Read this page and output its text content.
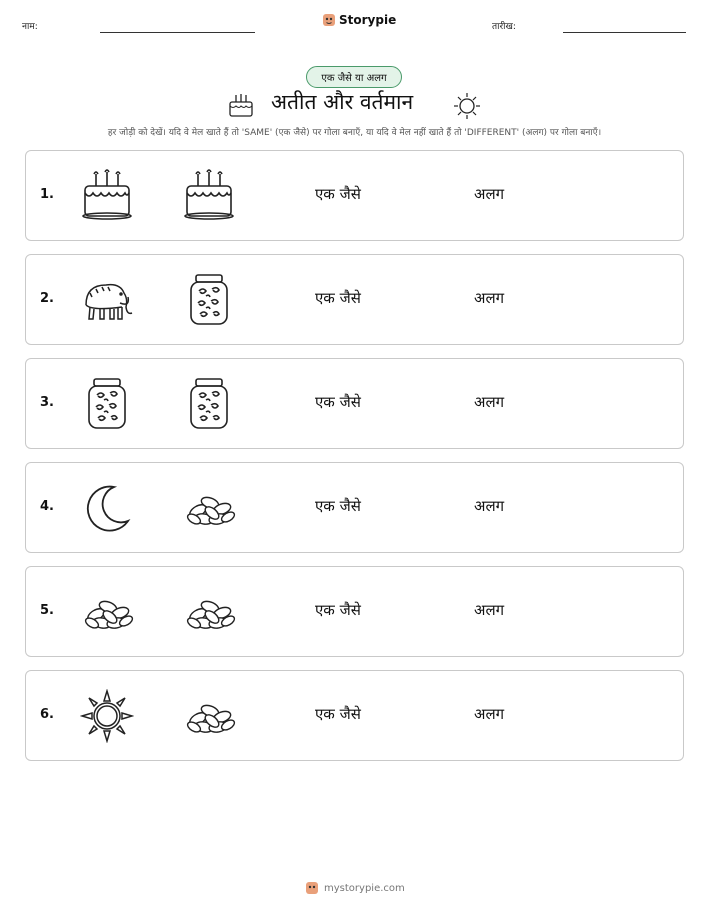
नाम:	Storypie	तारीख:
एक जैसे या अलग
अतीत और वर्तमान
हर जोड़ी को देखें। यदि वे मेल खाते हैं तो 'SAME' (एक जैसे) पर गोला बनाएँ, या यदि वे मेल नहीं खाते हैं तो 'DIFFERENT' (अलग) पर गोला बनाएँ।
1.	एक जैसे	अलग
2.	एक जैसे	अलग
3.	एक जैसे	अलग
4.	एक जैसे	अलग
5.	एक जैसे	अलग
6.	एक जैसे	अलग
mystorypie.com
